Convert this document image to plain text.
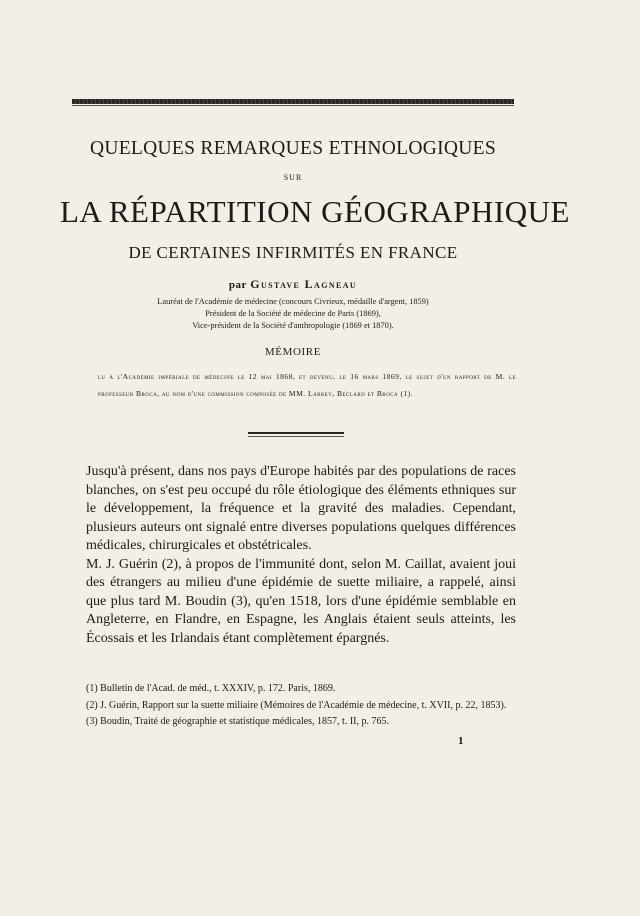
QUELQUES REMARQUES ETHNOLOGIQUES
SUR
LA RÉPARTITION GÉOGRAPHIQUE
DE CERTAINES INFIRMITÉS EN FRANCE
par Gustave Lagneau
Lauréat de l'Académie de médecine (concours Civrieux, médaille d'argent, 1859)
Président de la Société de médecine de Paris (1869),
Vice-président de la Société d'anthropologie (1869 et 1870).
MÉMOIRE
lu à l'Académie impériale de médecine le 12 mai 1868, et devenu, le 16 mars 1869, le sujet d'un rapport de M. le professeur Broca, au nom d'une commission composée de MM. Larrey, Béclard et Broca (1).

Jusqu'à présent, dans nos pays d'Europe habités par des populations de races blanches, on s'est peu occupé du rôle étiologique des éléments ethniques sur le développement, la fréquence et la gravité des maladies. Cependant, plusieurs auteurs ont signalé entre diverses populations quelques différences médicales, chirurgicales et obstétricales.

M. J. Guérin (2), à propos de l'immunité dont, selon M. Caillat, avaient joui des étrangers au milieu d'une épidémie de suette miliaire, a rappelé, ainsi que plus tard M. Boudin (3), qu'en 1518, lors d'une épidémie semblable en Angleterre, en Flandre, en Espagne, les Anglais étaient seuls atteints, les Écossais et les Irlandais étant complètement épargnés.

(1) Bulletin de l'Acad. de méd., t. XXXIV, p. 172. Paris, 1869.
(2) J. Guérin, Rapport sur la suette miliaire (Mémoires de l'Académie de médecine, t. XVII, p. 22, 1853).
(3) Boudin, Traité de géographie et statistique médicales, 1857, t. II, p. 765.
1
